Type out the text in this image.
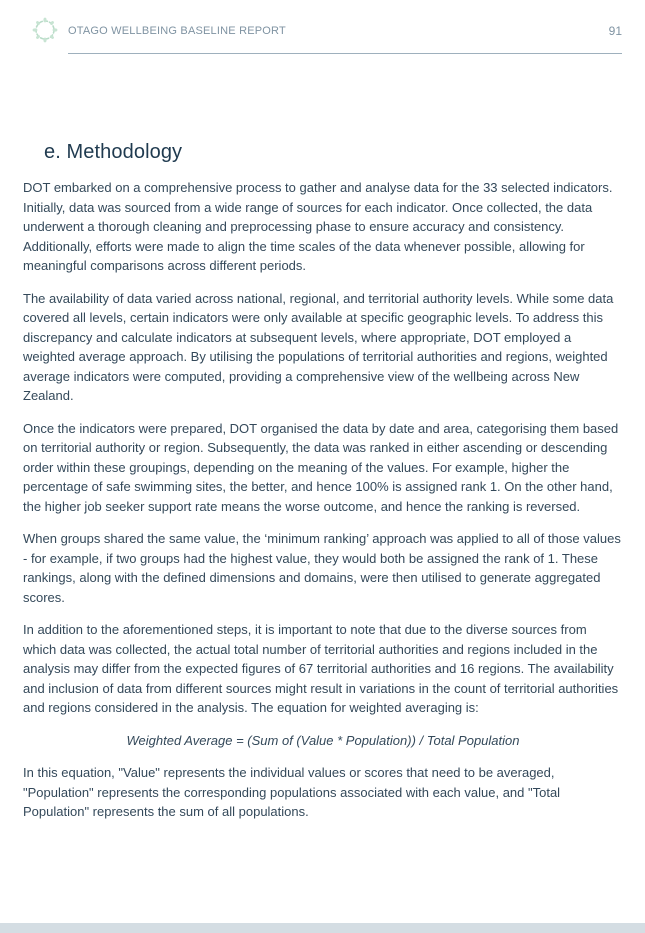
OTAGO WELLBEING BASELINE REPORT	91
e. Methodology

DOT embarked on a comprehensive process to gather and analyse data for the 33 selected indicators. Initially, data was sourced from a wide range of sources for each indicator. Once collected, the data underwent a thorough cleaning and preprocessing phase to ensure accuracy and consistency. Additionally, efforts were made to align the time scales of the data whenever possible, allowing for meaningful comparisons across different periods.

The availability of data varied across national, regional, and territorial authority levels. While some data covered all levels, certain indicators were only available at specific geographic levels. To address this discrepancy and calculate indicators at subsequent levels, where appropriate, DOT employed a weighted average approach. By utilising the populations of territorial authorities and regions, weighted average indicators were computed, providing a comprehensive view of the wellbeing across New Zealand.

Once the indicators were prepared, DOT organised the data by date and area, categorising them based on territorial authority or region. Subsequently, the data was ranked in either ascending or descending order within these groupings, depending on the meaning of the values. For example, higher the percentage of safe swimming sites, the better, and hence 100% is assigned rank 1. On the other hand, the higher job seeker support rate means the worse outcome, and hence the ranking is reversed.

When groups shared the same value, the ‘minimum ranking’ approach was applied to all of those values - for example, if two groups had the highest value, they would both be assigned the rank of 1. These rankings, along with the defined dimensions and domains, were then utilised to generate aggregated scores.

In addition to the aforementioned steps, it is important to note that due to the diverse sources from which data was collected, the actual total number of territorial authorities and regions included in the analysis may differ from the expected figures of 67 territorial authorities and 16 regions. The availability and inclusion of data from different sources might result in variations in the count of territorial authorities and regions considered in the analysis. The equation for weighted averaging is:

Weighted Average = (Sum of (Value * Population)) / Total Population

In this equation, "Value" represents the individual values or scores that need to be averaged, "Population" represents the corresponding populations associated with each value, and "Total Population" represents the sum of all populations.
